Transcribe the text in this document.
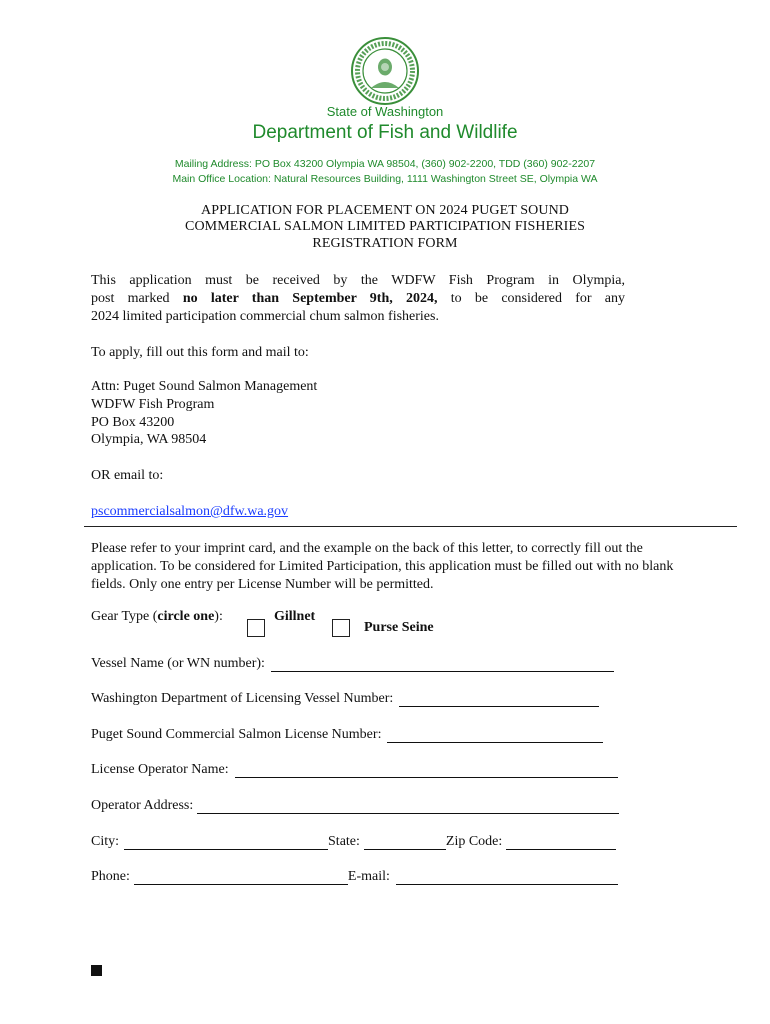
State of Washington
Department of Fish and Wildlife
Mailing Address: PO Box 43200 Olympia WA 98504, (360) 902-2200, TDD (360) 902-2207
Main Office Location: Natural Resources Building, 1111 Washington Street SE, Olympia WA
APPLICATION FOR PLACEMENT ON 2024 PUGET SOUND
COMMERCIAL SALMON LIMITED PARTICIPATION FISHERIES
REGISTRATION FORM
This application must be received by the WDFW Fish Program in Olympia,
post marked no later than September 9th, 2024, to be considered for any
2024 limited participation commercial chum salmon fisheries.
To apply, fill out this form and mail to:
Attn: Puget Sound Salmon Management
WDFW Fish Program
PO Box 43200
Olympia, WA 98504
OR email to:
pscommercialsalmon@dfw.wa.gov
Please refer to your imprint card, and the example on the back of this letter, to correctly fill out the application. To be considered for Limited Participation, this application must be filled out with no blank fields. Only one entry per License Number will be permitted.
Gear Type (circle one):	Gillnet
Purse Seine
Vessel Name (or WN number):
Washington Department of Licensing Vessel Number:
Puget Sound Commercial Salmon License Number:
License Operator Name:
Operator Address:
City:	State:	Zip Code:
Phone:	E-mail:
